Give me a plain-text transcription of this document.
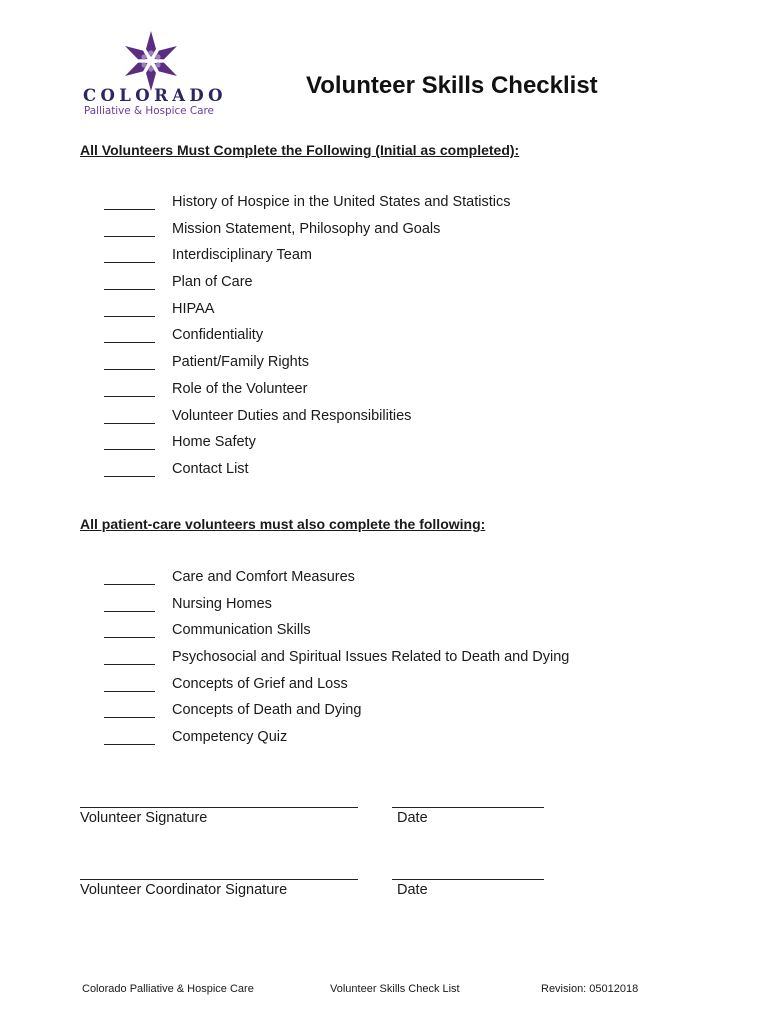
COLORADO
Palliative & Hospice Care
Volunteer Skills Checklist
All Volunteers Must Complete the Following (Initial as completed):
History of Hospice in the United States and Statistics
Mission Statement, Philosophy and Goals
Interdisciplinary Team
Plan of Care
HIPAA
Confidentiality
Patient/Family Rights
Role of the Volunteer
Volunteer Duties and Responsibilities
Home Safety
Contact List
All patient-care volunteers must also complete the following:
Care and Comfort Measures
Nursing Homes
Communication Skills
Psychosocial and Spiritual Issues Related to Death and Dying
Concepts of Grief and Loss
Concepts of Death and Dying
Competency Quiz
Volunteer Signature	Date
Volunteer Coordinator Signature	Date
Colorado Palliative & Hospice Care	Volunteer Skills Check List	Revision: 05012018
